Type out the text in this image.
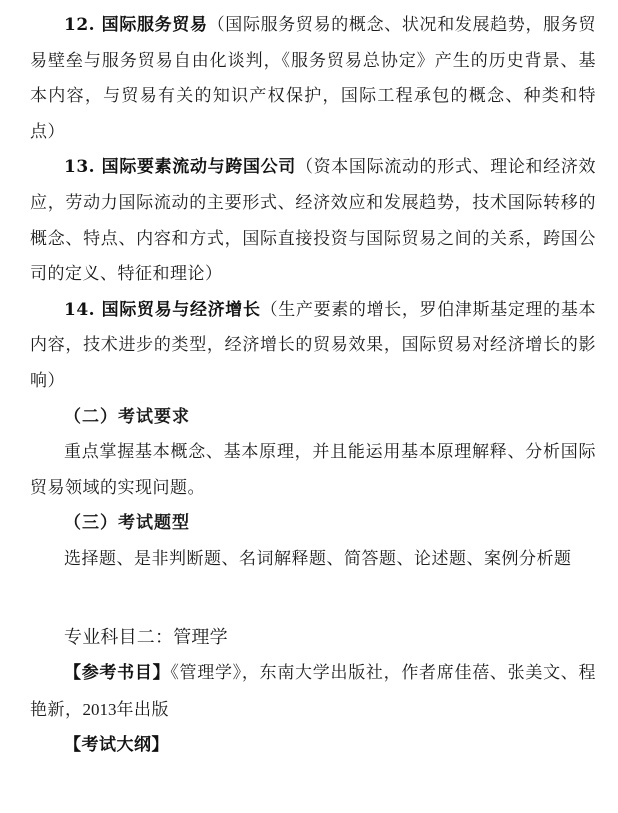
12. 国际服务贸易（国际服务贸易的概念、状况和发展趋势，服务贸易壁垒与服务贸易自由化谈判，《服务贸易总协定》产生的历史背景、基本内容，与贸易有关的知识产权保护，国际工程承包的概念、种类和特点）

13. 国际要素流动与跨国公司（资本国际流动的形式、理论和经济效应，劳动力国际流动的主要形式、经济效应和发展趋势，技术国际转移的概念、特点、内容和方式，国际直接投资与国际贸易之间的关系，跨国公司的定义、特征和理论）

14. 国际贸易与经济增长（生产要素的增长，罗伯津斯基定理的基本内容，技术进步的类型，经济增长的贸易效果，国际贸易对经济增长的影响）

（二）考试要求

重点掌握基本概念、基本原理，并且能运用基本原理解释、分析国际贸易领域的实现问题。

（三）考试题型

选择题、是非判断题、名词解释题、简答题、论述题、案例分析题

专业科目二：管理学

【参考书目】《管理学》，东南大学出版社，作者席佳蓓、张美文、程艳新，2013年出版

【考试大纲】
